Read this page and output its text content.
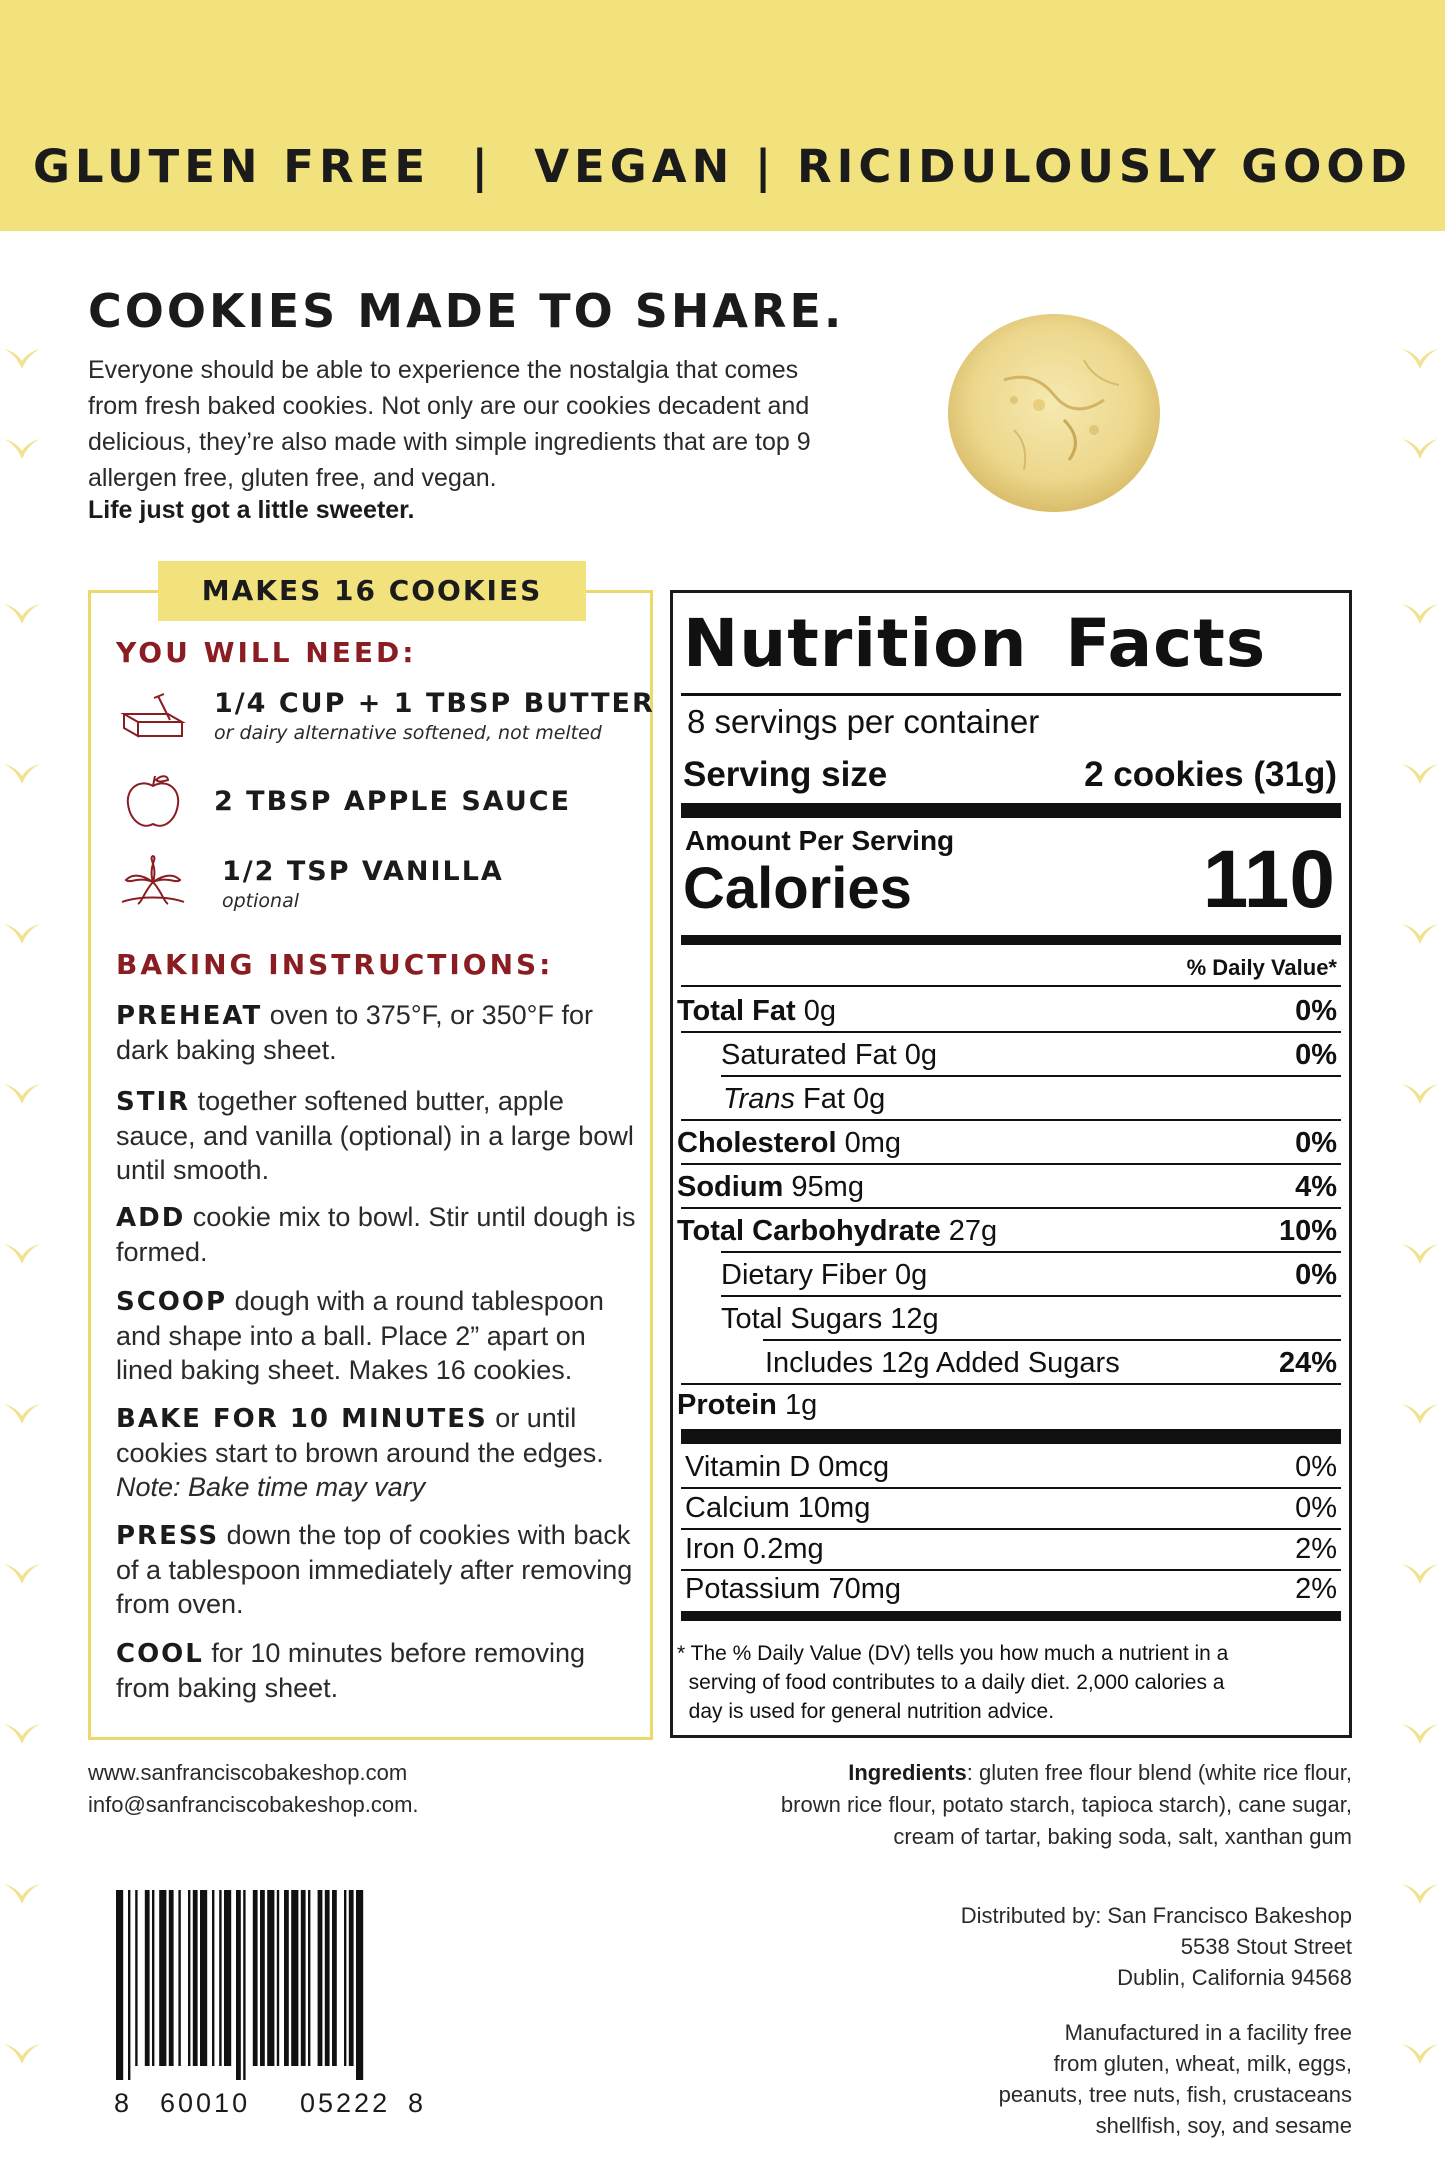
GLUTEN FREE  |  VEGAN | RICIDULOUSLY GOOD
COOKIES MADE TO SHARE.
Everyone should be able to experience the nostalgia that comes from fresh baked cookies. Not only are our cookies decadent and delicious, they’re also made with simple ingredients that are top 9 allergen free, gluten free, and vegan.
Life just got a little sweeter.
MAKES 16 COOKIES
YOU WILL NEED:
1/4 CUP + 1 TBSP BUTTER
or dairy alternative softened, not melted
2 TBSP APPLE SAUCE
1/2 TSP VANILLA
optional
BAKING INSTRUCTIONS:
PREHEAT oven to 375°F, or 350°F for dark baking sheet.
STIR together softened butter, apple sauce, and vanilla (optional) in a large bowl until smooth.
ADD cookie mix to bowl. Stir until dough is formed.
SCOOP dough with a round tablespoon and shape into a ball. Place 2” apart on lined baking sheet. Makes 16 cookies.
BAKE FOR 10 MINUTES or until cookies start to brown around the edges.
Note: Bake time may vary
PRESS down the top of cookies with back of a tablespoon immediately after removing from oven.
COOL for 10 minutes before removing from baking sheet.
Nutrition Facts
8 servings per container
Serving size	2 cookies (31g)
Amount Per Serving
Calories	110
% Daily Value*
Total Fat 0g	0%
Saturated Fat 0g	0%
Trans Fat 0g
Cholesterol 0mg	0%
Sodium 95mg	4%
Total Carbohydrate 27g	10%
Dietary Fiber 0g	0%
Total Sugars 12g
Includes 12g Added Sugars	24%
Protein 1g
Vitamin D 0mcg	0%
Calcium 10mg	0%
Iron 0.2mg	2%
Potassium 70mg	2%
* The % Daily Value (DV) tells you how much a nutrient in a
serving of food contributes to a daily diet. 2,000 calories a
day is used for general nutrition advice.
www.sanfranciscobakeshop.com
info@sanfranciscobakeshop.com.
Ingredients: gluten free flour blend (white rice flour,
brown rice flour, potato starch, tapioca starch), cane sugar,
cream of tartar, baking soda, salt, xanthan gum
Distributed by: San Francisco Bakeshop
5538 Stout Street
Dublin, California 94568
Manufactured in a facility free
from gluten, wheat, milk, eggs,
peanuts, tree nuts, fish, crustaceans
shellfish, soy, and sesame
8 60010 05222 8
